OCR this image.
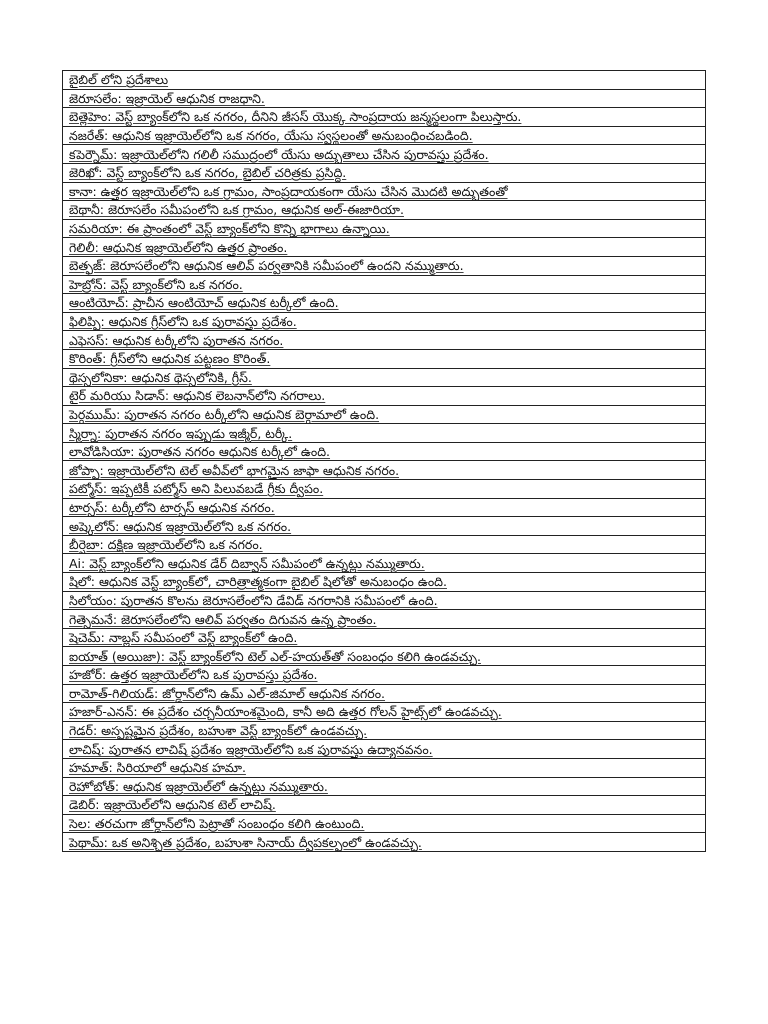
బైబిల్ లోని ప్రదేశాలు
జెరూసలేం: ఇజ్రాయెల్ ఆధునిక రాజధాని.
బెత్లెహెం: వెస్ట్ బ్యాంక్‌లోని ఒక నగరం, దీనిని జీసస్ యొక్క సాంప్రదాయ జన్మస్థలంగా పిలుస్తారు.
నజరేత్: ఆధునిక ఇజ్రాయెల్‌లోని ఒక నగరం, యేసు స్వస్థలంతో అనుబంధించబడింది.
కపెర్నౌమ్: ఇజ్రాయెల్‌లోని గలిలీ సముద్రంలో యేసు అద్భుతాలు చేసిన పురావస్తు ప్రదేశం.
జెరిఖో: వెస్ట్ బ్యాంక్‌లోని ఒక నగరం, బైబిల్ చరిత్రకు ప్రసిద్ధి.
కానా: ఉత్తర ఇజ్రాయెల్‌లోని ఒక గ్రామం, సాంప్రదాయకంగా యేసు చేసిన మొదటి అద్భుతంతో
బెథానీ: జెరూసలేం సమీపంలోని ఒక గ్రామం, ఆధునిక అల్-ఈజారియా.
సమరియా: ఈ ప్రాంతంలో వెస్ట్ బ్యాంక్‌లోని కొన్ని భాగాలు ఉన్నాయి.
గెలిలీ: ఆధునిక ఇజ్రాయెల్‌లోని ఉత్తర ప్రాంతం.
బెత్ఫజ్: జెరూసలేంలోని ఆధునిక ఆలివ్ పర్వతానికి సమీపంలో ఉందని నమ్ముతారు.
హెబ్రోన్: వెస్ట్ బ్యాంక్‌లోని ఒక నగరం.
ఆంటియోచ్: ప్రాచీన ఆంటియోచ్ ఆధునిక టర్కీలో ఉంది.
ఫిలిప్పి: ఆధునిక గ్రీస్‌లోని ఒక పురావస్తు ప్రదేశం.
ఎఫెసస్: ఆధునిక టర్కీలోని పురాతన నగరం.
కొరింత్: గ్రీస్‌లోని ఆధునిక పట్టణం కొరింత్.
థెస్సలోనికా: ఆధునిక థెస్సలోనికి, గ్రీస్.
టైర్ మరియు సిడాన్: ఆధునిక లెబనాన్‌లోని నగరాలు.
పెర్గముమ్: పురాతన నగరం టర్కీలోని ఆధునిక బెర్గామాలో ఉంది.
స్మిర్నా: పురాతన నగరం ఇప్పుడు ఇజ్మీర్, టర్కీ.
లావోడిసియా: పురాతన నగరం ఆధునిక టర్కీలో ఉంది.
జోప్పా: ఇజ్రాయెల్‌లోని టెల్ అవీవ్‌లో భాగమైన జాఫా ఆధునిక నగరం.
పట్మోస్: ఇప్పటికీ పట్మోస్ అని పిలువబడే గ్రీకు ద్వీపం.
టార్సస్: టర్కీలోని టార్సస్ ఆధునిక నగరం.
అష్కెలోన్: ఆధునిక ఇజ్రాయెల్‌లోని ఒక నగరం.
బీర్షెబా: దక్షిణ ఇజ్రాయెల్‌లోని ఒక నగరం.
Ai: వెస్ట్ బ్యాంక్‌లోని ఆధునిక డేర్ దిబ్వాన్ సమీపంలో ఉన్నట్లు నమ్ముతారు.
షిలో: ఆధునిక వెస్ట్ బ్యాంక్‌లో, చారిత్రాత్మకంగా బైబిల్ షిలోతో అనుబంధం ఉంది.
సిలోయం: పురాతన కొలను జెరూసలేంలోని డేవిడ్ నగరానికి సమీపంలో ఉంది.
గెత్సెమనే: జెరూసలేంలోని ఆలివ్ పర్వతం దిగువన ఉన్న ప్రాంతం.
షెచెమ్: నాబ్లస్ సమీపంలో వెస్ట్ బ్యాంక్‌లో ఉంది.
ఐయాత్ (అయిజా): వెస్ట్ బ్యాంక్‌లోని టెల్ ఎల్-హయత్‌తో సంబంధం కలిగి ఉండవచ్చు.
హజోర్: ఉత్తర ఇజ్రాయెల్‌లోని ఒక పురావస్తు ప్రదేశం.
రామోత్-గిలియడ్: జోర్డాన్‌లోని ఉమ్ ఎల్-జిమాల్ ఆధునిక నగరం.
హజార్-ఎనన్: ఈ ప్రదేశం చర్చనీయాంశమైంది, కానీ అది ఉత్తర గోలన్ హైట్స్‌లో ఉండవచ్చు.
గెడర్: అస్పష్టమైన ప్రదేశం, బహుశా వెస్ట్ బ్యాంక్‌లో ఉండవచ్చు.
లాచిష్: పురాతన లాచిష్ ప్రదేశం ఇజ్రాయెల్‌లోని ఒక పురావస్తు ఉద్యానవనం.
హమాత్: సిరియాలో ఆధునిక హమా.
రెహోబోత్: ఆధునిక ఇజ్రాయెల్‌లో ఉన్నట్లు నమ్ముతారు.
డెబిర్: ఇజ్రాయెల్‌లోని ఆధునిక టెల్ లాచిష్.
సెల: తరచుగా జోర్డాన్‌లోని పెట్రాతో సంబంధం కలిగి ఉంటుంది.
పెథామ్: ఒక అనిశ్చిత ప్రదేశం, బహుశా సినాయ్ ద్వీపకల్పంలో ఉండవచ్చు.
